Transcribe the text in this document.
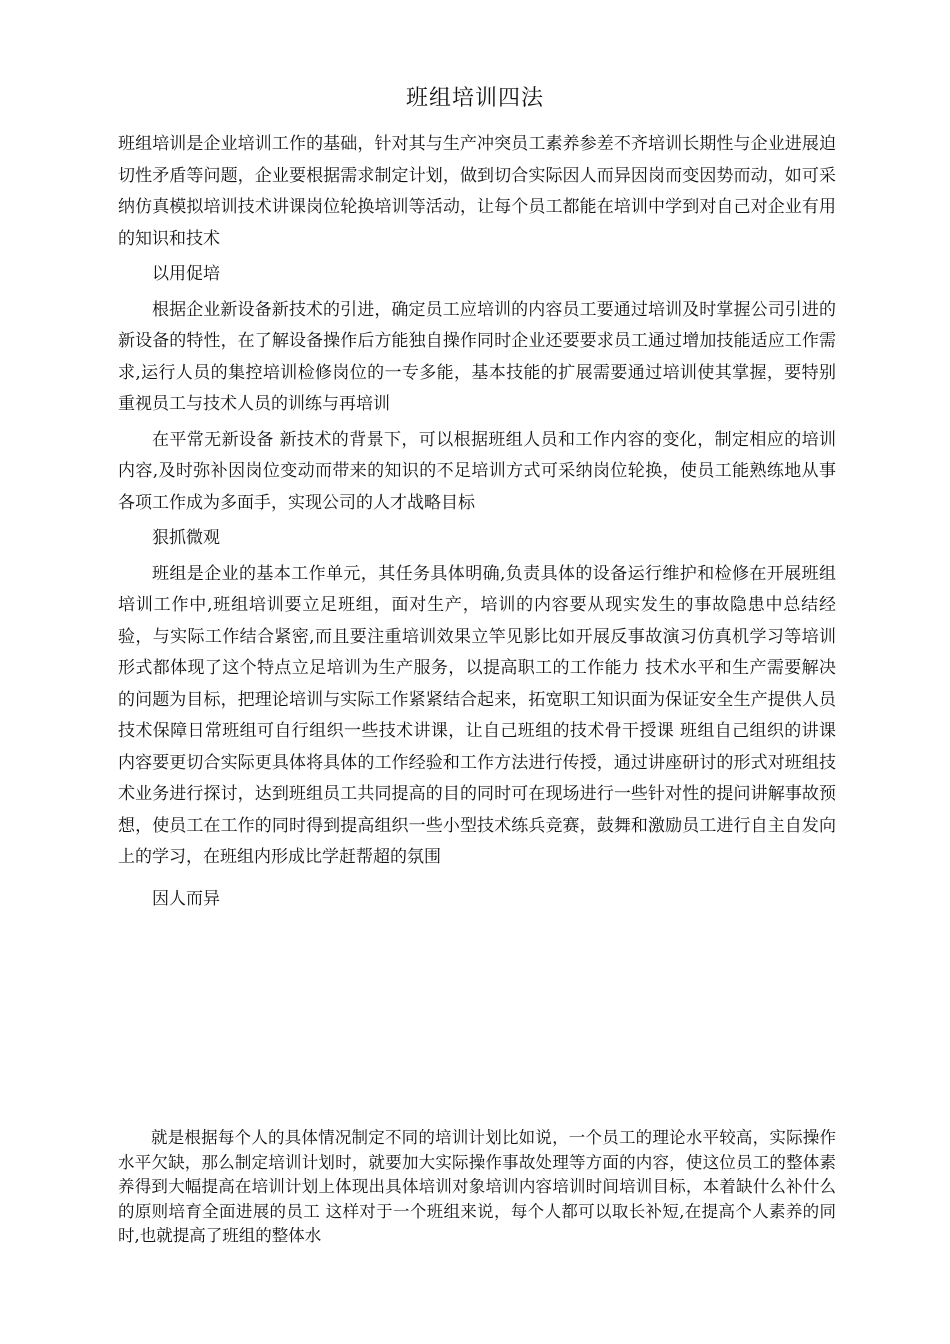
班组培训四法

班组培训是企业培训工作的基础，针对其与生产冲突员工素养参差不齐培训长期性与企业进展迫切性矛盾等问题，企业要根据需求制定计划，做到切合实际因人而异因岗而变因势而动，如可采纳仿真模拟培训技术讲课岗位轮换培训等活动，让每个员工都能在培训中学到对自己对企业有用的知识和技术

以用促培

根据企业新设备新技术的引进，确定员工应培训的内容员工要通过培训及时掌握公司引进的新设备的特性，在了解设备操作后方能独自操作同时企业还要要求员工通过增加技能适应工作需求,运行人员的集控培训检修岗位的一专多能，基本技能的扩展需要通过培训使其掌握，要特别重视员工与技术人员的训练与再培训

在平常无新设备 新技术的背景下，可以根据班组人员和工作内容的变化，制定相应的培训内容,及时弥补因岗位变动而带来的知识的不足培训方式可采纳岗位轮换，使员工能熟练地从事各项工作成为多面手，实现公司的人才战略目标

狠抓微观

班组是企业的基本工作单元，其任务具体明确,负责具体的设备运行维护和检修在开展班组培训工作中,班组培训要立足班组，面对生产，培训的内容要从现实发生的事故隐患中总结经验，与实际工作结合紧密,而且要注重培训效果立竿见影比如开展反事故演习仿真机学习等培训形式都体现了这个特点立足培训为生产服务，以提高职工的工作能力 技术水平和生产需要解决的问题为目标，把理论培训与实际工作紧紧结合起来，拓宽职工知识面为保证安全生产提供人员技术保障日常班组可自行组织一些技术讲课，让自己班组的技术骨干授课 班组自己组织的讲课内容要更切合实际更具体将具体的工作经验和工作方法进行传授，通过讲座研讨的形式对班组技术业务进行探讨，达到班组员工共同提高的目的同时可在现场进行一些针对性的提问讲解事故预想，使员工在工作的同时得到提高组织一些小型技术练兵竞赛，鼓舞和激励员工进行自主自发向上的学习，在班组内形成比学赶帮超的氛围

因人而异

就是根据每个人的具体情况制定不同的培训计划比如说，一个员工的理论水平较高，实际操作水平欠缺，那么制定培训计划时，就要加大实际操作事故处理等方面的内容，使这位员工的整体素养得到大幅提高在培训计划上体现出具体培训对象培训内容培训时间培训目标，本着缺什么补什么的原则培育全面进展的员工 这样对于一个班组来说，每个人都可以取长补短,在提高个人素养的同时,也就提高了班组的整体水
